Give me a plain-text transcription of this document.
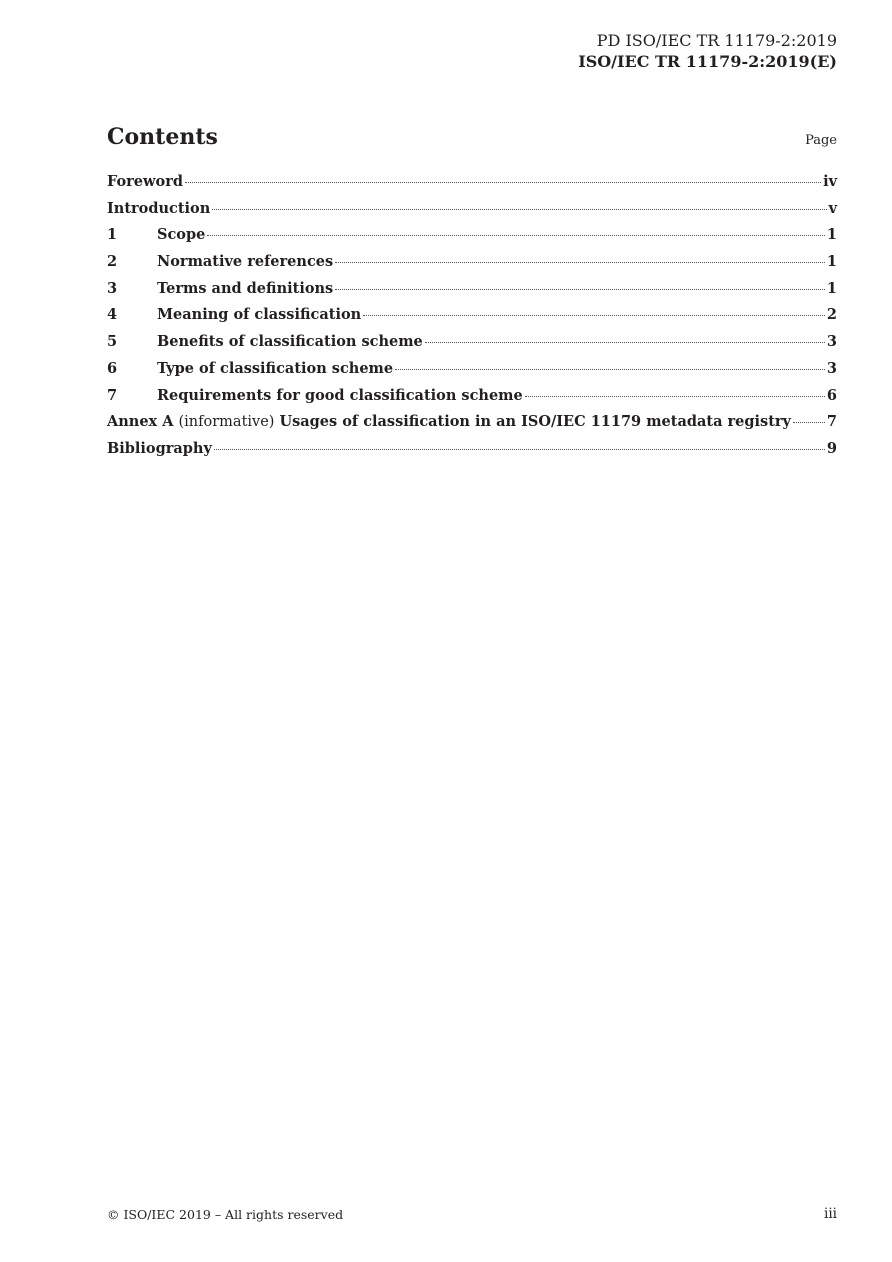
PD ISO/IEC TR 11179-2:2019
ISO/IEC TR 11179-2:2019(E)
Contents	Page
Foreword	iv
Introduction	v
1	Scope	1
2	Normative references	1
3	Terms and definitions	1
4	Meaning of classification	2
5	Benefits of classification scheme	3
6	Type of classification scheme	3
7	Requirements for good classification scheme	6
Annex A (informative) Usages of classification in an ISO/IEC 11179 metadata registry 7
Bibliography	9
© ISO/IEC 2019 – All rights reserved	iii
